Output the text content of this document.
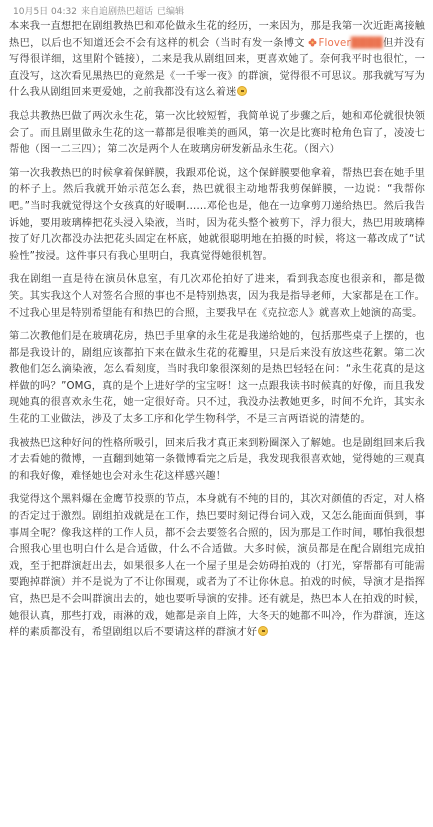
10月5日 04:32 来自追剧热巴超话 已编辑

本来我一直想把在剧组教热巴和邓伦做永生花的经历，一来因为，那是我第一次近距离接触热巴，以后也不知道还会不会有这样的机会（当时有发一条博文 Flover████但并没有写得很详细，这里附个链接），二来是我从剧组回来，更喜欢她了。奈何我平时也很忙，一直没写，这次看见黑热巴的竟然是《一千零一夜》的群演，觉得很不可思议。那我就写写为什么我从剧组回来更爱她，之前我都没有这么着迷

我总共教热巴做了两次永生花，第一次比较短暂，我简单说了步骤之后，她和邓伦就很快领会了。而且剧里做永生花的这一幕都是很唯美的画风，第一次是比赛时枪角色盲了，凌凌七帮他（图一二三四）；第二次是两个人在玻璃房研发新品永生花。（图六）

第一次我教热巴的时候拿着保鲜膜，我跟邓伦说，这个保鲜膜要他拿着，帮热巴套在她手里的杯子上。然后我就开始示范怎么套，热巴就很主动地帮我剪保鲜膜，一边说：“我帮你吧。”当时我就觉得这个女孩真的好暖啊……邓伦也是，他在一边拿剪刀递给热巴。然后我告诉她，要用玻璃棒把花头浸入染液，当时，因为花头整个被剪下，浮力很大，热巴用玻璃棒按了好几次都没办法把花头固定在杯底，她就很聪明地在拍摄的时候，将这一幕改成了“试验性”按浸。这件事只有我心里明白，我真觉得她很机智。

我在剧组一直是待在演员休息室，有几次邓伦拍好了进来，看到我态度也很亲和，都是微笑。其实我这个人对签名合照的事也不是特别热衷，因为我是指导老师，大家都是在工作。不过我心里是特别希望能有和热巴的合照，主要我早在《克拉恋人》就喜欢上她演的高雯。

第二次教他们是在玻璃花房，热巴手里拿的永生花是我递给她的，包括那些桌子上摆的，也都是我设计的，剧组应该都拍下来在做永生花的花瓣里，只是后来没有放这些花絮。第二次教他们怎么滴染液，怎么看刻度，当时我印象很深刻的是热巴轻轻在问：“永生花真的是这样做的吗？”OMG，真的是个上进好学的宝宝呀！这一点跟我读书时候真的好像，而且我发现她真的很喜欢永生花，她一定很好奇。只不过，我没办法教她更多，时间不允许，其实永生花的工业做法，涉及了太多工序和化学生物科学，不是三言两语说的清楚的。

我被热巴这种好问的性格所吸引，回来后我才真正来到粉圈深入了解她。也是剧组回来后我才去看她的微博，一直翻到她第一条微博看完之后是，我发现我很喜欢她，觉得她的三观真的和我好像，难怪她也会对永生花这样感兴趣！

我觉得这个黑料爆在金鹰节投票的节点，本身就有不纯的目的，其次对颜值的否定，对人格的否定过于激烈。剧组拍戏就是在工作，热巴要时刻记得台词入戏，又怎么能面面俱到，事事周全呢？像我这样的工作人员，都不会去要签名合照的，因为那是工作时间，哪怕我很想合照我心里也明白什么是合适做，什么不合适做。大多时候，演员都是在配合剧组完成拍戏，至于把群演赶出去，如果很多人在一个屋子里是会妨碍拍戏的（打光，穿帮都有可能需要跑掉群演）并不是说为了不让你围观，或者为了不让你休息。拍戏的时候，导演才是指挥官，热巴是不会叫群演出去的，她也要听导演的安排。还有就是，热巴本人在拍戏的时候，她很认真，那些打戏，雨淋的戏，她都是亲自上阵，大冬天的她都不叫冷，作为群演，连这样的素质都没有，希望剧组以后不要请这样的群演才好
